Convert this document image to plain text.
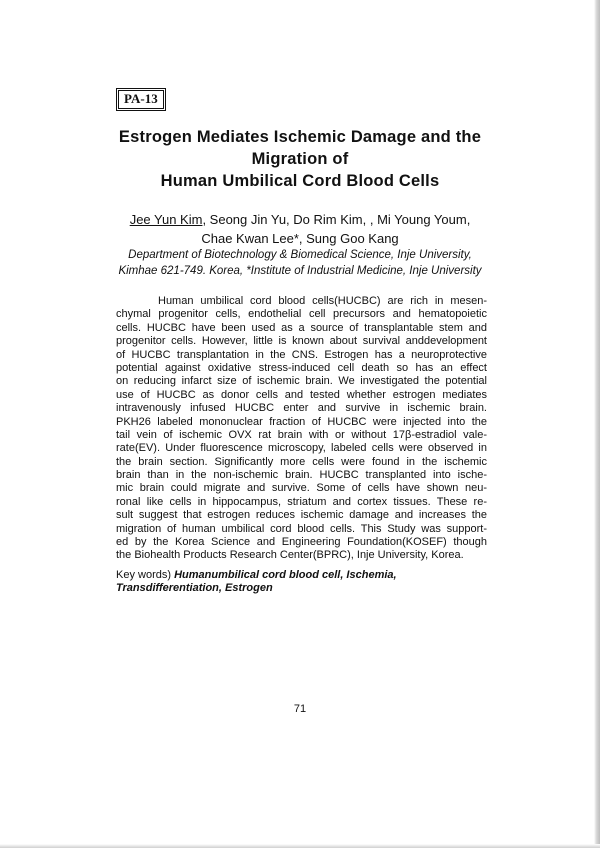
PA-13
Estrogen Mediates Ischemic Damage and the
Migration of
Human Umbilical Cord Blood Cells
Jee Yun Kim, Seong Jin Yu, Do Rim Kim, , Mi Young Youm,
Chae Kwan Lee*, Sung Goo Kang
Department of Biotechnology & Biomedical Science, Inje University,
Kimhae 621-749. Korea, *Institute of Industrial Medicine, Inje University
Human umbilical cord blood cells(HUCBC) are rich in mesen-
chymal progenitor cells, endothelial cell precursors and hematopoietic
cells. HUCBC have been used as a source of transplantable stem and
progenitor cells. However, little is known about survival anddevelopment
of HUCBC transplantation in the CNS. Estrogen has a neuroprotective
potential against oxidative stress-induced cell death so has an effect
on reducing infarct size of ischemic brain. We investigated the potential
use of HUCBC as donor cells and tested whether estrogen mediates
intravenously infused HUCBC enter and survive in ischemic brain.
PKH26 labeled mononuclear fraction of HUCBC were injected into the
tail vein of ischemic OVX rat brain with or without 17β-estradiol vale-
rate(EV). Under fluorescence microscopy, labeled cells were observed in
the brain section. Significantly more cells were found in the ischemic
brain than in the non-ischemic brain. HUCBC transplanted into ische-
mic brain could migrate and survive. Some of cells have shown neu-
ronal like cells in hippocampus, striatum and cortex tissues. These re-
sult suggest that estrogen reduces ischemic damage and increases the
migration of human umbilical cord blood cells. This Study was support-
ed by the Korea Science and Engineering Foundation(KOSEF) though
the Biohealth Products Research Center(BPRC), Inje University, Korea.
Key words) Humanumbilical cord blood cell, Ischemia,
Transdifferentiation, Estrogen
71
